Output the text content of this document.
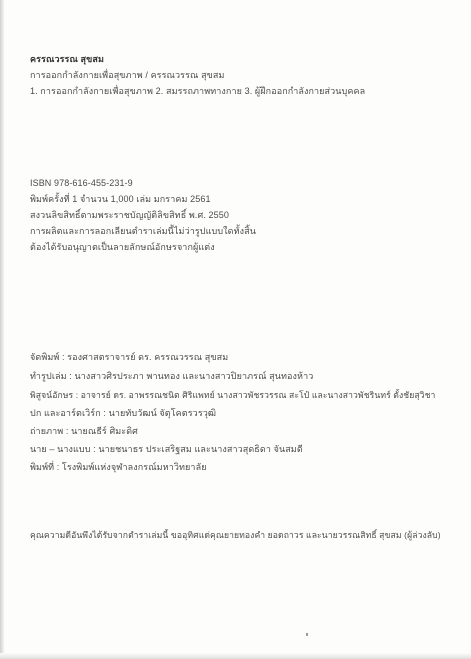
ครรณวรรณ สุขสม
การออกกำลังกายเพื่อสุขภาพ / ครรณวรรณ สุขสม
1. การออกกำลังกายเพื่อสุขภาพ 2. สมรรถภาพทางกาย 3. ผู้ฝึกออกกำลังกายส่วนบุคคล
ISBN 978-616-455-231-9
พิมพ์ครั้งที่ 1 จำนวน 1,000 เล่ม มกราคม 2561
สงวนลิขสิทธิ์ตามพระราชบัญญัติลิขสิทธิ์ พ.ศ. 2550
การผลิตและการลอกเลียนตำราเล่มนี้ไม่ว่ารูปแบบใดทั้งสิ้น
ต้องได้รับอนุญาตเป็นลายลักษณ์อักษรจากผู้แต่ง
จัดพิมพ์ : รองศาสตราจารย์ ดร. ครรณวรรณ สุขสม
ทำรูปเล่ม : นางสาวศิรประภา พานทอง และนางสาวปิยาภรณ์ สุนทองห้าว
พิสูจน์อักษร : อาจารย์ ดร. อาพรรณชนิต ศิริแพทย์ นางสาวพัชรวรรณ สะโป๋ และนางสาวพัชรินทร์ ตั้งชัยสุวิชา
ปก และอาร์ตเวิร์ก : นายทับวัฒน์ จัตุโคตรวรวุฒิ
ถ่ายภาพ : นายณธีร์ ศิมะดิศ
นาย – นางแบบ : นายชนาธร ประเสริฐสม และนางสาวสุดธิดา จันสมดี
พิมพ์ที่ : โรงพิมพ์แห่งจุฬาลงกรณ์มหาวิทยาลัย
คุณความดีอันพึงได้รับจากตำราเล่มนี้ ขออุทิศแด่คุณยายทองคำ ยอดถาวร และนายวรรณสิทธิ์ สุขสม (ผู้ล่วงลับ)
